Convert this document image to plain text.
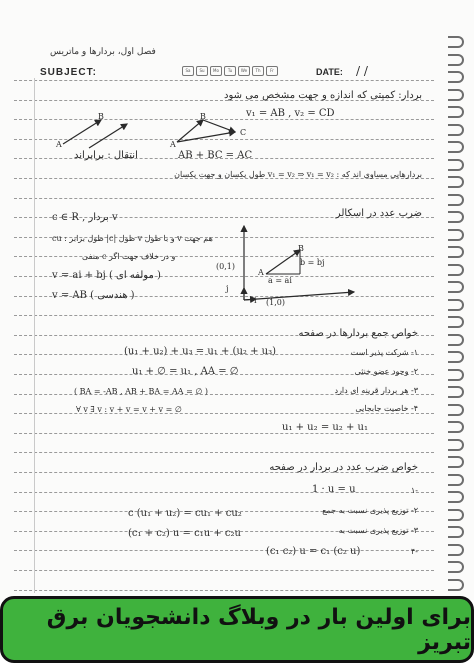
فصل اول، بردارها و ماتریس
SUBJECT:	Sa	Su	Mo	Tu	We	Th	Fr	DATE: / /
بردار: کمیتی که اندازه و جهت مشخص می شود
v₁ = AB , v₂ = CD
A
B
A
B
C
انتقال : برابراند	AB + BC = AC
بردارهایی مساوی اند که : v₁ = v₂ ⇒ v₁ = v₂ طول یکسان و جهت یکسان
c ∈ R , بردار v	ضرب عدد در اسکالر
cu : طول برابر |c| طول v و با طول v هم جهت
و در خلاف جهت اگر c منفی
v = ai + bj ( مولفه ای )
v = AB ( هندسی )
B
A
b = bj
a = ai
j
i
(0,1)
(1,0)
خواص جمع بردارها در صفحه
(u₁ + u₂) + u₃ = u₁ + (u₂ + u₃)	۱- شرکت پذیر است
u₁ + ∅ = u₁ , AA = ∅	۲- وجود عضو خنثی
( BA = -AB , AB + BA = AA = ∅ )	۳- هر بردار قرینه ای دارد
∀ v ∃ v : v + v = v + v = ∅	۴- خاصیت جابجایی
u₁ + u₂ = u₂ + u₁
خواص ضرب عدد در بردار در صفحه
1 · u = u	۱-
c (u₁ + u₂) = cu₁ + cu₂	۲- توزیع پذیری نسبت به جمع
(c₁ + c₂) u = c₁u + c₂u	۳- توزیع پذیری نسبت به
(c₁ c₂) u = c₁ (c₂ u)	۴-
برای اولین بار در وبلاگ دانشجویان برق تبریز
